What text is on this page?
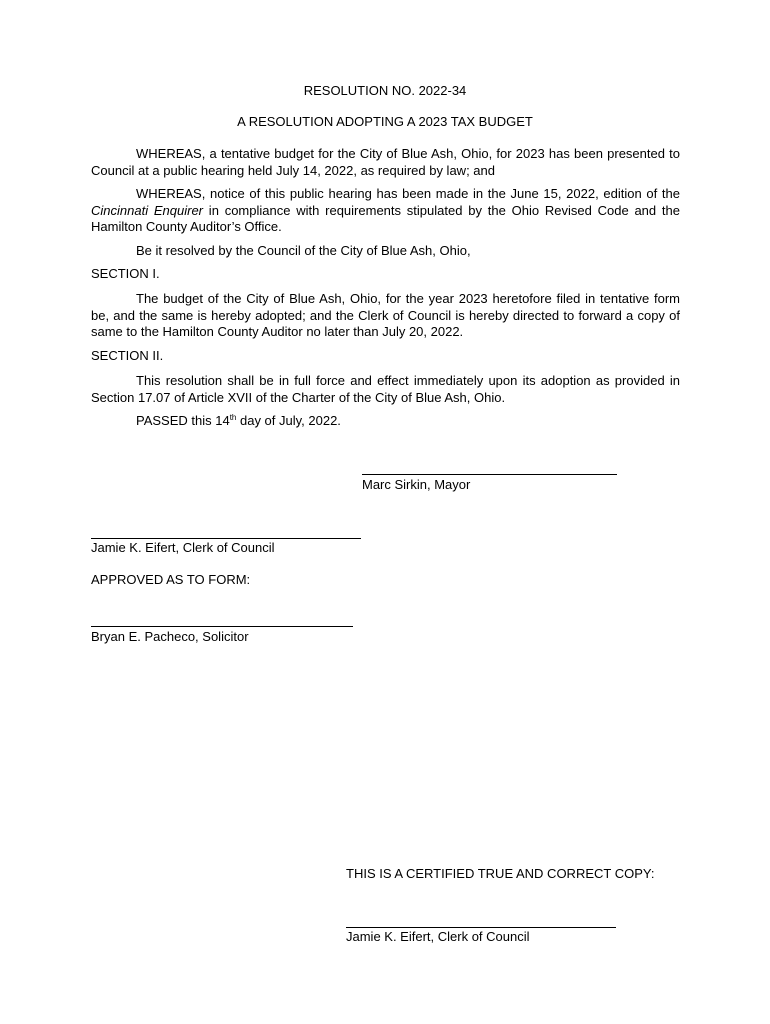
RESOLUTION NO. 2022-34
A RESOLUTION ADOPTING A 2023 TAX BUDGET
WHEREAS, a tentative budget for the City of Blue Ash, Ohio, for 2023 has been presented to Council at a public hearing held July 14, 2022, as required by law; and
WHEREAS, notice of this public hearing has been made in the June 15, 2022, edition of the Cincinnati Enquirer in compliance with requirements stipulated by the Ohio Revised Code and the Hamilton County Auditor’s Office.
Be it resolved by the Council of the City of Blue Ash, Ohio,
SECTION I.
The budget of the City of Blue Ash, Ohio, for the year 2023 heretofore filed in tentative form be, and the same is hereby adopted; and the Clerk of Council is hereby directed to forward a copy of same to the Hamilton County Auditor no later than July 20, 2022.
SECTION II.
This resolution shall be in full force and effect immediately upon its adoption as provided in Section 17.07 of Article XVII of the Charter of the City of Blue Ash, Ohio.
PASSED this 14th day of July, 2022.
Marc Sirkin, Mayor
Jamie K. Eifert, Clerk of Council
APPROVED AS TO FORM:
Bryan E. Pacheco, Solicitor
THIS IS A CERTIFIED TRUE AND CORRECT COPY:
Jamie K. Eifert, Clerk of Council
